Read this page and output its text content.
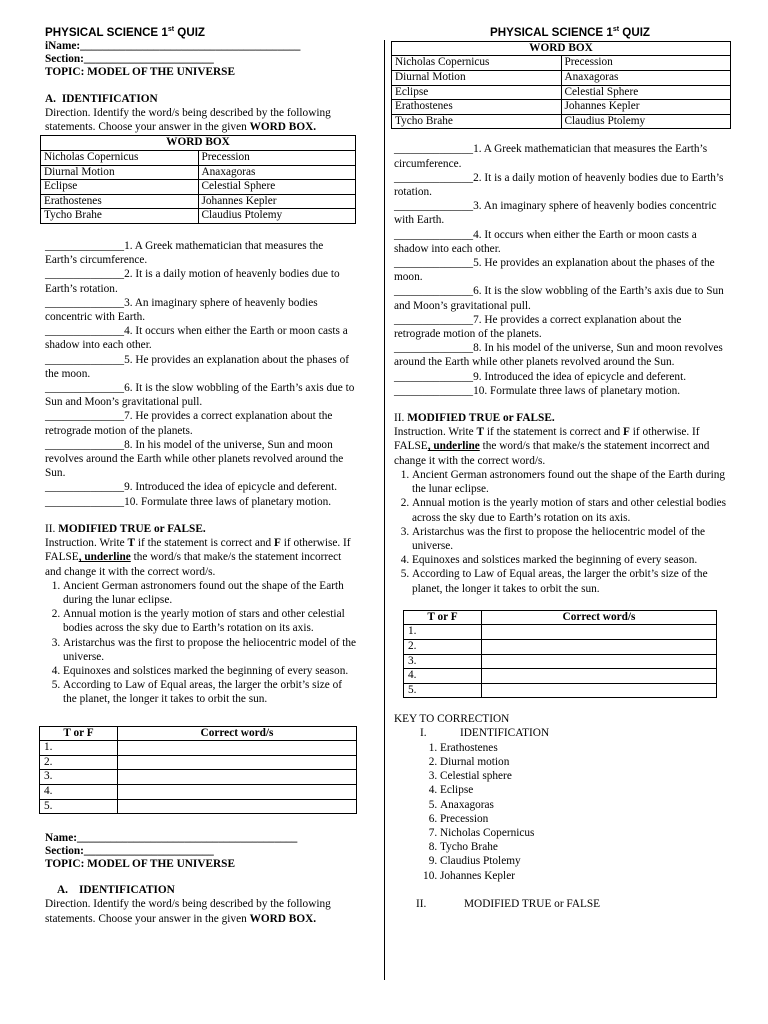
PHYSICAL SCIENCE 1st QUIZ
iName:_______________________________________
Section:_______________________
TOPIC: MODEL OF THE UNIVERSE
A. IDENTIFICATION
Direction. Identify the word/s being described by the following statements. Choose your answer in the given WORD BOX.
WORD BOX	
Nicholas Copernicus	Precession
Diurnal Motion	Anaxagoras
Eclipse	Celestial Sphere
Erathostenes	Johannes Kepler
Tycho Brahe	Claudius Ptolemy
______________1. A Greek mathematician that measures the Earth’s circumference.
______________2. It is a daily motion of heavenly bodies due to Earth’s rotation.
______________3. An imaginary sphere of heavenly bodies concentric with Earth.
______________4. It occurs when either the Earth or moon casts a shadow into each other.
______________5. He provides an explanation about the phases of the moon.
______________6. It is the slow wobbling of the Earth’s axis due to Sun and Moon’s gravitational pull.
______________7. He provides a correct explanation about the retrograde motion of the planets.
______________8. In his model of the universe, Sun and moon revolves around the Earth while other planets revolved around the Sun.
______________9. Introduced the idea of epicycle and deferent.
______________10. Formulate three laws of planetary motion.
II. MODIFIED TRUE or FALSE.
Instruction. Write T if the statement is correct and F if otherwise. If FALSE, underline the word/s that make/s the statement incorrect and change it with the correct word/s.
1. Ancient German astronomers found out the shape of the Earth during the lunar eclipse.
2. Annual motion is the yearly motion of stars and other celestial bodies across the sky due to Earth’s rotation on its axis.
3. Aristarchus was the first to propose the heliocentric model of the universe.
4. Equinoxes and solstices marked the beginning of every season.
5. According to Law of Equal areas, the larger the orbit’s size of the planet, the longer it takes to orbit the sun.
T or F	Correct word/s
1.	
2.	
3.	
4.	
5.	
Name:_______________________________________
Section:_______________________
TOPIC: MODEL OF THE UNIVERSE
A. IDENTIFICATION
Direction. Identify the word/s being described by the following statements. Choose your answer in the given WORD BOX.
PHYSICAL SCIENCE 1st QUIZ
WORD BOX	
Nicholas Copernicus	Precession
Diurnal Motion	Anaxagoras
Eclipse	Celestial Sphere
Erathostenes	Johannes Kepler
Tycho Brahe	Claudius Ptolemy
______________1. A Greek mathematician that measures the Earth’s circumference.
______________2. It is a daily motion of heavenly bodies due to Earth’s rotation.
______________3. An imaginary sphere of heavenly bodies concentric with Earth.
______________4. It occurs when either the Earth or moon casts a shadow into each other.
______________5. He provides an explanation about the phases of the moon.
______________6. It is the slow wobbling of the Earth’s axis due to Sun and Moon’s gravitational pull.
______________7. He provides a correct explanation about the retrograde motion of the planets.
______________8. In his model of the universe, Sun and moon revolves around the Earth while other planets revolved around the Sun.
______________9. Introduced the idea of epicycle and deferent.
______________10. Formulate three laws of planetary motion.
II. MODIFIED TRUE or FALSE.
Instruction. Write T if the statement is correct and F if otherwise. If FALSE, underline the word/s that make/s the statement incorrect and change it with the correct word/s.
1. Ancient German astronomers found out the shape of the Earth during the lunar eclipse.
2. Annual motion is the yearly motion of stars and other celestial bodies across the sky due to Earth’s rotation on its axis.
3. Aristarchus was the first to propose the heliocentric model of the universe.
4. Equinoxes and solstices marked the beginning of every season.
5. According to Law of Equal areas, the larger the orbit’s size of the planet, the longer it takes to orbit the sun.
T or F	Correct word/s
1.	
2.	
3.	
4.	
5.	
KEY TO CORRECTION
I.	IDENTIFICATION
1. Erathostenes
2. Diurnal motion
3. Celestial sphere
4. Eclipse
5. Anaxagoras
6. Precession
7. Nicholas Copernicus
8. Tycho Brahe
9. Claudius Ptolemy
10. Johannes Kepler
II.	MODIFIED TRUE or FALSE
